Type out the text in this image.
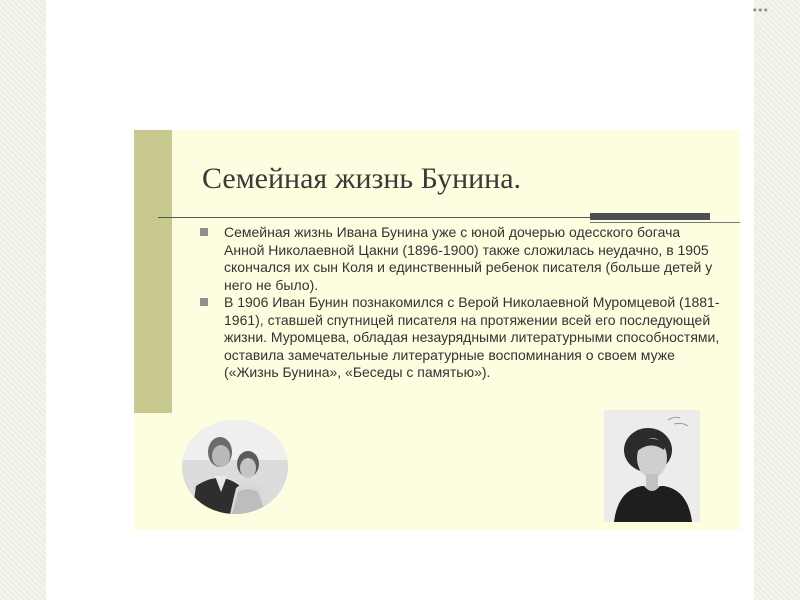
•••
Семейная жизнь Бунина.
Семейная жизнь Ивана Бунина уже с юной дочерью одесского богача Анной Николаевной Цакни (1896-1900) также сложилась неудачно, в 1905 скончался их сын Коля и единственный ребенок писателя (больше детей у него не было).
В 1906 Иван Бунин познакомился с Верой Николаевной Муромцевой (1881-1961), ставшей спутницей писателя на протяжении всей его последующей жизни. Муромцева, обладая незаурядными литературными способностями, оставила замечательные литературные воспоминания о своем муже («Жизнь Бунина», «Беседы с памятью»).
